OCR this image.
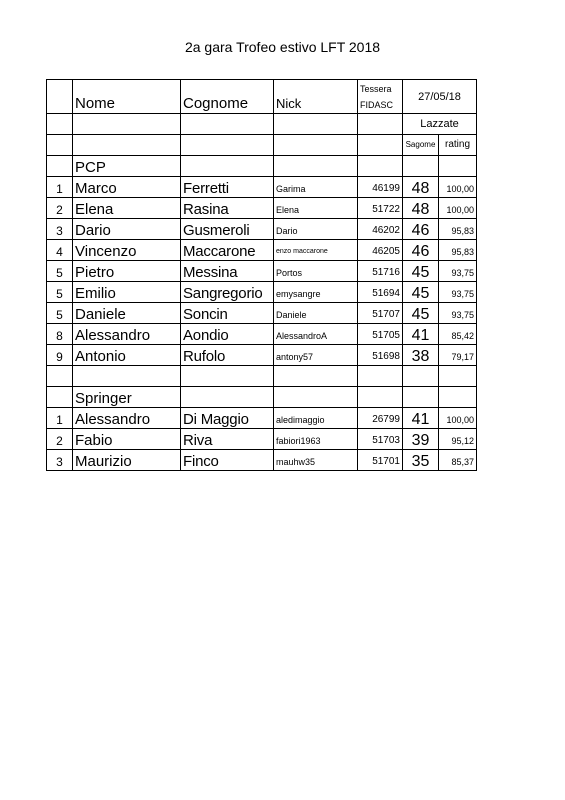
2a gara Trofeo estivo LFT 2018
	Nome	Cognome	Nick	Tessera FIDASC	27/05/18	
					Lazzate	
					Sagome	rating
	PCP					
1	Marco	Ferretti	Garima	46199	48	100,00
2	Elena	Rasina	Elena	51722	48	100,00
3	Dario	Gusmeroli	Dario	46202	46	95,83
4	Vincenzo	Maccarone	enzo maccarone	46205	46	95,83
5	Pietro	Messina	Portos	51716	45	93,75
5	Emilio	Sangregorio	emysangre	51694	45	93,75
5	Daniele	Soncin	Daniele	51707	45	93,75
8	Alessandro	Aondio	AlessandroA	51705	41	85,42
9	Antonio	Rufolo	antony57	51698	38	79,17

	Springer					
1	Alessandro	Di Maggio	aledimaggio	26799	41	100,00
2	Fabio	Riva	fabiori1963	51703	39	95,12
3	Maurizio	Finco	mauhw35	51701	35	85,37
